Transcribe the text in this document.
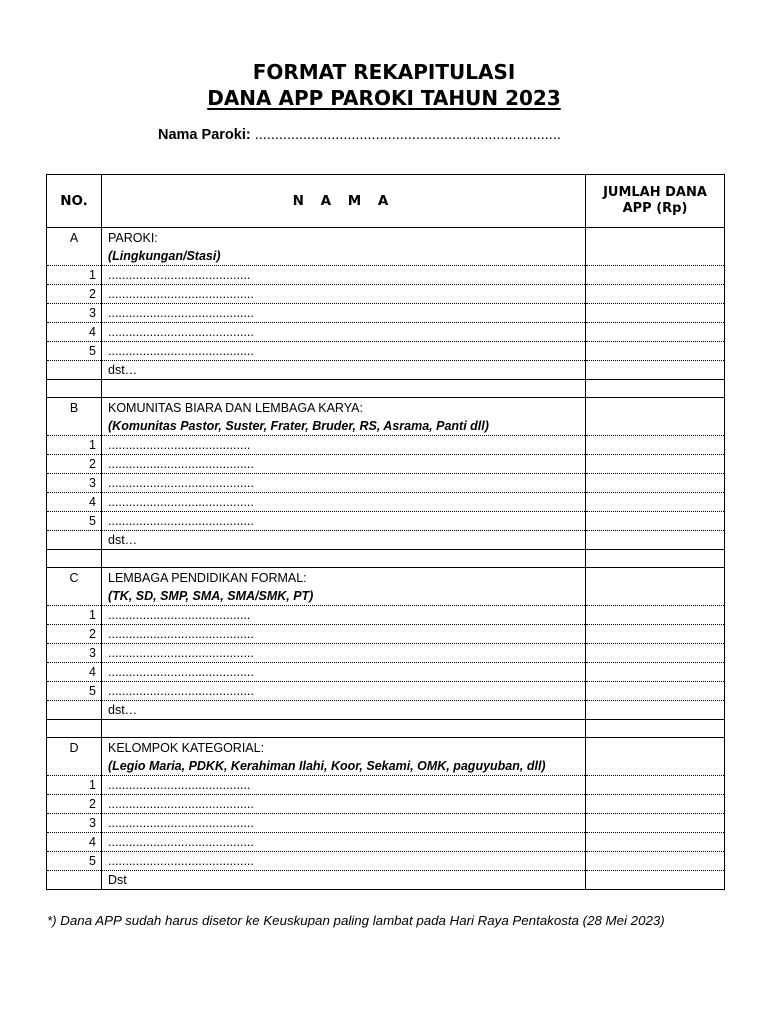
FORMAT REKAPITULASI
DANA APP PAROKI TAHUN 2023
Nama Paroki: ............................................................................
NO.	N A M A	JUMLAH DANA APP (Rp)
A	PAROKI:
(Lingkungan/Stasi)	

1	.........................................	
2	..........................................	
3	..........................................	
4	..........................................	
5	..........................................	
	dst…	

B	KOMUNITAS BIARA DAN LEMBAGA KARYA:
(Komunitas Pastor, Suster, Frater, Bruder, RS, Asrama, Panti dll)	

1	.........................................	
2	..........................................	
3	..........................................	
4	..........................................	
5	..........................................	
	dst…	

C	LEMBAGA PENDIDIKAN FORMAL:
(TK, SD, SMP, SMA, SMA/SMK, PT)	

1	.........................................	
2	..........................................	
3	..........................................	
4	..........................................	
5	..........................................	
	dst…	

D	KELOMPOK KATEGORIAL:
(Legio Maria, PDKK, Kerahiman Ilahi, Koor, Sekami, OMK, paguyuban, dll)	

1	.........................................	
2	..........................................	
3	..........................................	
4	..........................................	
5	..........................................	
	Dst	
*) Dana APP sudah harus disetor ke Keuskupan paling lambat pada Hari Raya Pentakosta (28 Mei 2023)
